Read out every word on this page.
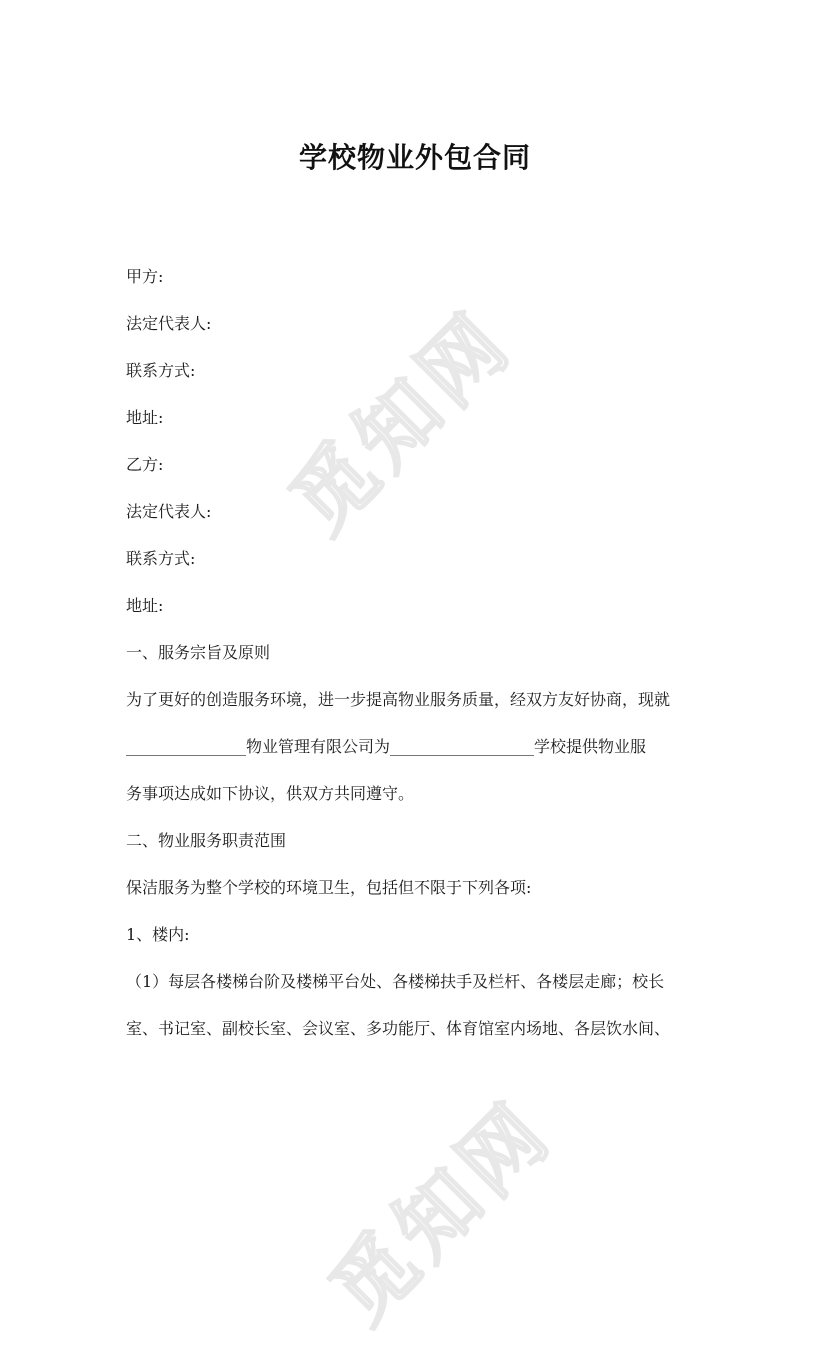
觅知网
觅知网
学校物业外包合同
甲方:
法定代表人:
联系方式:
地址:
乙方:
法定代表人:
联系方式:
地址:
一、服务宗旨及原则
为了更好的创造服务环境，进一步提高物业服务质量，经双方友好协商，现就
_______________物业管理有限公司为__________________学校提供物业服
务事项达成如下协议，供双方共同遵守。
二、物业服务职责范围
保洁服务为整个学校的环境卫生，包括但不限于下列各项:
1、楼内:
（1）每层各楼梯台阶及楼梯平台处、各楼梯扶手及栏杆、各楼层走廊；校长
室、书记室、副校长室、会议室、多功能厅、体育馆室内场地、各层饮水间、
